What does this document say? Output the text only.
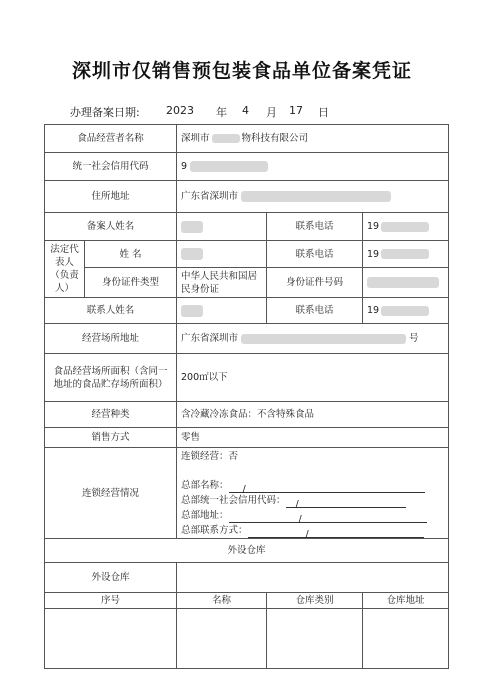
深圳市仅销售预包装食品单位备案凭证
办理备案日期: 2023 年 4 月 17 日
食品经营者名称		深圳市 物科技有限公司		
统一社会信用代码		9		
住所地址		广东省深圳市		
备案人姓名			联系电话	19
法定代表人（负责人）	姓 名		联系电话	19
	身份证件类型	中华人民共和国居民身份证	身份证件号码	
联系人姓名			联系电话	19
经营场所地址		广东省深圳市 号		
食品经营场所面积（含同一地址的食品贮存场所面积）		200㎡以下		
经营种类		含冷藏冷冻食品：不含特殊食品		
销售方式		零售		
连锁经营情况		连锁经营：否
总部名称： /
总部统一社会信用代码： /
总部地址： /
总部联系方式： /		

外设仓库				
外设仓库				
序号		名称	仓库类别	仓库地址
